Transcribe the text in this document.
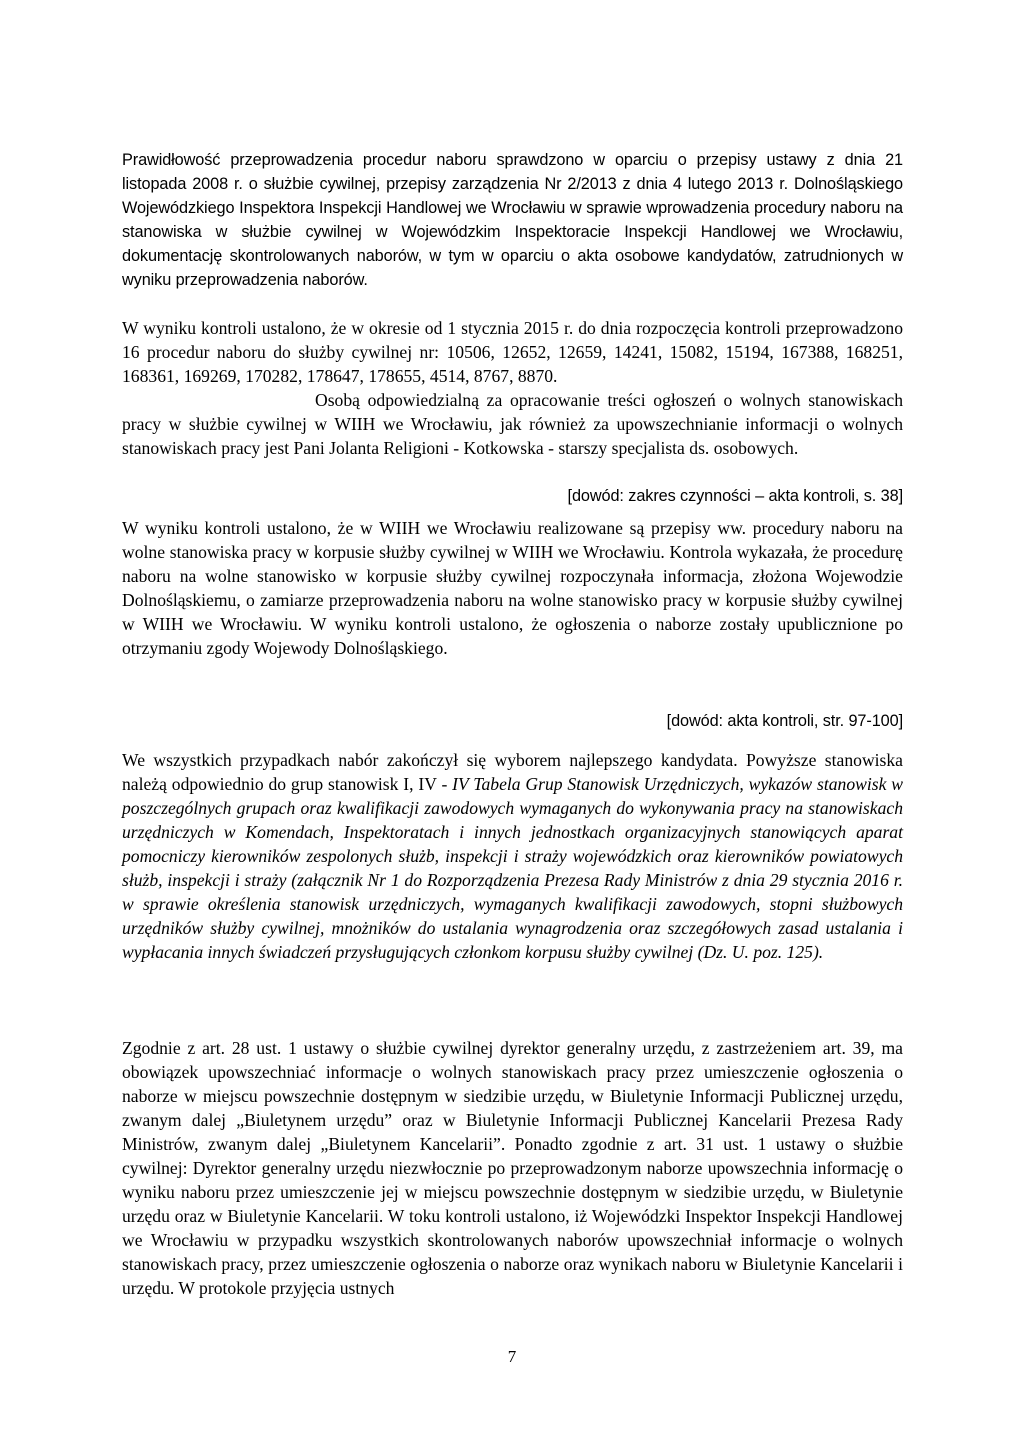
Prawidłowość przeprowadzenia procedur naboru sprawdzono w oparciu o przepisy ustawy z dnia 21 listopada 2008 r. o służbie cywilnej, przepisy zarządzenia Nr 2/2013 z dnia 4 lutego 2013 r. Dolnośląskiego Wojewódzkiego Inspektora Inspekcji Handlowej we Wrocławiu w sprawie wprowadzenia procedury naboru na stanowiska w służbie cywilnej w Wojewódzkim Inspektoracie Inspekcji Handlowej we Wrocławiu, dokumentację skontrolowanych naborów, w tym w oparciu o akta osobowe kandydatów, zatrudnionych w wyniku przeprowadzenia naborów.

W wyniku kontroli ustalono, że w okresie od 1 stycznia 2015 r. do dnia rozpoczęcia kontroli przeprowadzono 16 procedur naboru do służby cywilnej nr: 10506, 12652, 12659, 14241, 15082, 15194, 167388, 168251, 168361, 169269, 170282, 178647, 178655, 4514, 8767, 8870.

Osobą odpowiedzialną za opracowanie treści ogłoszeń o wolnych stanowiskach pracy w służbie cywilnej w WIIH we Wrocławiu, jak również za upowszechnianie informacji o wolnych stanowiskach pracy jest Pani Jolanta Religioni - Kotkowska - starszy specjalista ds. osobowych.

[dowód: zakres czynności – akta kontroli, s. 38]

W wyniku kontroli ustalono, że w WIIH we Wrocławiu realizowane są przepisy ww. procedury naboru na wolne stanowiska pracy w korpusie służby cywilnej w WIIH we Wrocławiu. Kontrola wykazała, że procedurę naboru na wolne stanowisko w korpusie służby cywilnej rozpoczynała informacja, złożona Wojewodzie Dolnośląskiemu, o zamiarze przeprowadzenia naboru na wolne stanowisko pracy w korpusie służby cywilnej w WIIH we Wrocławiu. W wyniku kontroli ustalono, że ogłoszenia o naborze zostały upublicznione po otrzymaniu zgody Wojewody Dolnośląskiego.

[dowód: akta kontroli, str. 97-100]

We wszystkich przypadkach nabór zakończył się wyborem najlepszego kandydata. Powyższe stanowiska należą odpowiednio do grup stanowisk I, IV - IV Tabela Grup Stanowisk Urzędniczych, wykazów stanowisk w poszczególnych grupach oraz kwalifikacji zawodowych wymaganych do wykonywania pracy na stanowiskach urzędniczych w Komendach, Inspektoratach i innych jednostkach organizacyjnych stanowiących aparat pomocniczy kierowników zespolonych służb, inspekcji i straży wojewódzkich oraz kierowników powiatowych służb, inspekcji i straży (załącznik Nr 1 do Rozporządzenia Prezesa Rady Ministrów z dnia 29 stycznia 2016 r. w sprawie określenia stanowisk urzędniczych, wymaganych kwalifikacji zawodowych, stopni służbowych urzędników służby cywilnej, mnożników do ustalania wynagrodzenia oraz szczegółowych zasad ustalania i wypłacania innych świadczeń przysługujących członkom korpusu służby cywilnej (Dz. U. poz. 125).

Zgodnie z art. 28 ust. 1 ustawy o służbie cywilnej dyrektor generalny urzędu, z zastrzeżeniem art. 39, ma obowiązek upowszechniać informacje o wolnych stanowiskach pracy przez umieszczenie ogłoszenia o naborze w miejscu powszechnie dostępnym w siedzibie urzędu, w Biuletynie Informacji Publicznej urzędu, zwanym dalej „Biuletynem urzędu” oraz w Biuletynie Informacji Publicznej Kancelarii Prezesa Rady Ministrów, zwanym dalej „Biuletynem Kancelarii”. Ponadto zgodnie z art. 31 ust. 1 ustawy o służbie cywilnej: Dyrektor generalny urzędu niezwłocznie po przeprowadzonym naborze upowszechnia informację o wyniku naboru przez umieszczenie jej w miejscu powszechnie dostępnym w siedzibie urzędu, w Biuletynie urzędu oraz w Biuletynie Kancelarii. W toku kontroli ustalono, iż Wojewódzki Inspektor Inspekcji Handlowej we Wrocławiu w przypadku wszystkich skontrolowanych naborów upowszechniał informacje o wolnych stanowiskach pracy, przez umieszczenie ogłoszenia o naborze oraz wynikach naboru w Biuletynie Kancelarii i urzędu. W protokole przyjęcia ustnych

7
